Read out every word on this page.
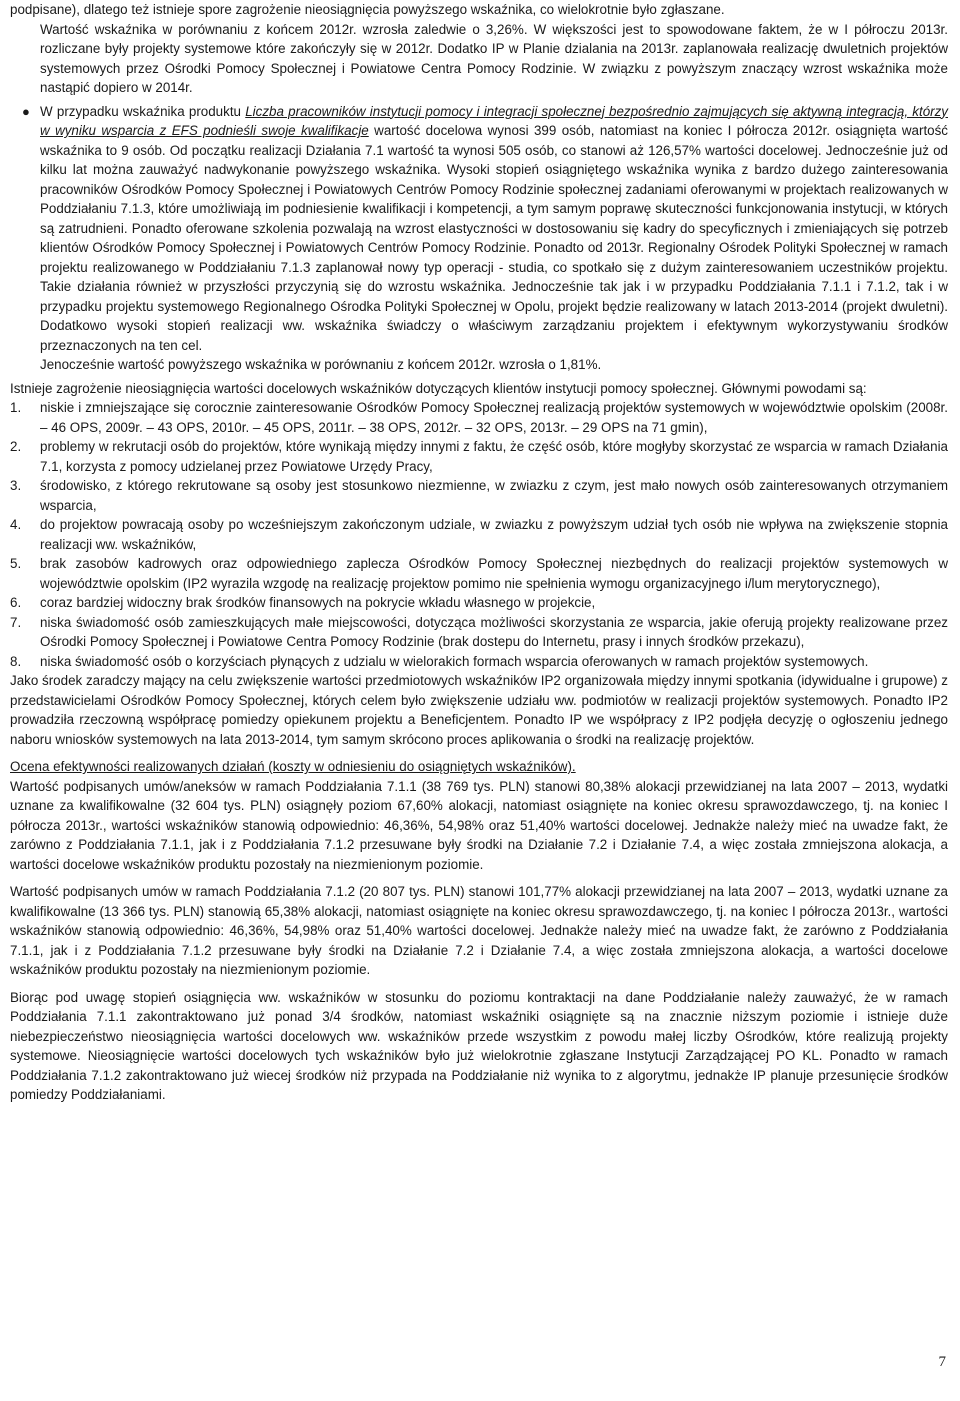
podpisane), dlatego też istnieje spore zagrożenie nieosiągnięcia powyższego wskaźnika, co wielokrotnie było zgłaszane.

Wartość wskaźnika w porównaniu z końcem 2012r. wzrosła zaledwie o 3,26%. W większości jest to spowodowane faktem, że w I półroczu 2013r. rozliczane były projekty systemowe które zakończyły się w 2012r. Dodatko IP w Planie dzialania na 2013r. zaplanowała realizację dwuletnich projektów systemowych przez Ośrodki Pomocy Społecznej i Powiatowe Centra Pomocy Rodzinie. W związku z powyższym znaczący wzrost wskaźnika może nastąpić dopiero w 2014r.

● W przypadku wskaźnika produktu Liczba pracowników instytucji pomocy i integracji społecznej bezpośrednio zajmujących się aktywną integracją, którzy w wyniku wsparcia z EFS podnieśli swoje kwalifikacje wartość docelowa wynosi 399 osób, natomiast na koniec I półrocza 2012r. osiągnięta wartość wskaźnika to 9 osób. Od początku realizacji Działania 7.1 wartość ta wynosi 505 osób, co stanowi aż 126,57% wartości docelowej. Jednocześnie już od kilku lat można zauważyć nadwykonanie powyższego wskaźnika. Wysoki stopień osiągniętego wskaźnika wynika z bardzo dużego zainteresowania pracowników Ośrodków Pomocy Społecznej i Powiatowych Centrów Pomocy Rodzinie społecznej zadaniami oferowanymi w projektach realizowanych w Poddziałaniu 7.1.3, które umożliwiają im podniesienie kwalifikacji i kompetencji, a tym samym poprawę skuteczności funkcjonowania instytucji, w których są zatrudnieni. Ponadto oferowane szkolenia pozwalają na wzrost elastyczności w dostosowaniu się kadry do specyficznych i zmieniających się potrzeb klientów Ośrodków Pomocy Społecznej i Powiatowych Centrów Pomocy Rodzinie. Ponadto od 2013r. Regionalny Ośrodek Polityki Społecznej w ramach projektu realizowanego w Poddziałaniu 7.1.3 zaplanował nowy typ operacji - studia, co spotkało się z dużym zainteresowaniem uczestników projektu. Takie działania również w przyszłości przyczynią się do wzrostu wskaźnika. Jednocześnie tak jak i w przypadku Poddziałania 7.1.1 i 7.1.2, tak i w przypadku projektu systemowego Regionalnego Ośrodka Polityki Społecznej w Opolu, projekt będzie realizowany w latach 2013-2014 (projekt dwuletni). Dodatkowo wysoki stopień realizacji ww. wskaźnika świadczy o właściwym zarządzaniu projektem i efektywnym wykorzystywaniu środków przeznaczonych na ten cel.

Jenocześnie wartość powyższego wskaźnika w porównaniu z końcem 2012r. wzrosła o 1,81%.

Istnieje zagrożenie nieosiągnięcia wartości docelowych wskaźników dotyczących klientów instytucji pomocy społecznej. Głównymi powodami są:

1. niskie i zmniejszające się corocznie zainteresowanie Ośrodków Pomocy Społecznej realizacją projektów systemowych w województwie opolskim (2008r. – 46 OPS, 2009r. – 43 OPS, 2010r. – 45 OPS, 2011r. – 38 OPS, 2012r. – 32 OPS, 2013r. – 29 OPS na 71 gmin),
2. problemy w rekrutacji osób do projektów, które wynikają między innymi z faktu, że część osób, które mogłyby skorzystać ze wsparcia w ramach Działania 7.1, korzysta z pomocy udzielanej przez Powiatowe Urzędy Pracy,
3. środowisko, z którego rekrutowane są osoby jest stosunkowo niezmienne, w zwiazku z czym, jest mało nowych osób zainteresowanych otrzymaniem wsparcia,
4. do projektow powracają osoby po wcześniejszym zakończonym udziale, w zwiazku z powyższym udział tych osób nie wpływa na zwiększenie stopnia realizacji ww. wskaźników,
5. brak zasobów kadrowych oraz odpowiedniego zaplecza Ośrodków Pomocy Społecznej niezbędnych do realizacji projektów systemowych w województwie opolskim (IP2 wyrazila wzgodę na realizację projektow pomimo nie spełnienia wymogu organizacyjnego i/lum merytorycznego),
6. coraz bardziej widoczny brak środków finansowych na pokrycie wkładu własnego w projekcie,
7. niska świadomość osób zamieszkujących małe miejscowości, dotycząca możliwości skorzystania ze wsparcia, jakie oferują projekty realizowane przez Ośrodki Pomocy Społecznej i Powiatowe Centra Pomocy Rodzinie (brak dostepu do Internetu, prasy i innych środków przekazu),
8. niska świadomość osób o korzyściach płynących z udzialu w wielorakich formach wsparcia oferowanych w ramach projektów systemowych.

Jako środek zaradczy mający na celu zwiększenie wartości przedmiotowych wskaźników IP2 organizowała między innymi spotkania (idywidualne i grupowe) z przedstawicielami Ośrodków Pomocy Społecznej, których celem było zwiększenie udziału ww. podmiotów w realizacji projektów systemowych. Ponadto IP2 prowadziła rzeczowną współpracę pomiedzy opiekunem projektu a Beneficjentem. Ponadto IP we współpracy z IP2 podjęła decyzję o ogłoszeniu jednego naboru wniosków systemowych na lata 2013-2014, tym samym skrócono proces aplikowania o środki na realizację projektów.

Ocena efektywności realizowanych działań (koszty w odniesieniu do osiągniętych wskaźników).

Wartość podpisanych umów/aneksów w ramach Poddziałania 7.1.1 (38 769 tys. PLN) stanowi 80,38% alokacji przewidzianej na lata 2007 – 2013, wydatki uznane za kwalifikowalne (32 604 tys. PLN) osiągnęły poziom 67,60% alokacji, natomiast osiągnięte na koniec okresu sprawozdawczego, tj. na koniec I półrocza 2013r., wartości wskaźników stanowią odpowiednio: 46,36%, 54,98% oraz 51,40% wartości docelowej. Jednakże należy mieć na uwadze fakt, że zarówno z Poddziałania 7.1.1, jak i z Poddziałania 7.1.2 przesuwane były środki na Działanie 7.2 i Działanie 7.4, a więc została zmniejszona alokacja, a wartości docelowe wskaźników produktu pozostały na niezmienionym poziomie.

Wartość podpisanych umów w ramach Poddziałania 7.1.2 (20 807 tys. PLN) stanowi 101,77% alokacji przewidzianej na lata 2007 – 2013, wydatki uznane za kwalifikowalne (13 366 tys. PLN) stanowią 65,38% alokacji, natomiast osiągnięte na koniec okresu sprawozdawczego, tj. na koniec I półrocza 2013r., wartości wskaźników stanowią odpowiednio: 46,36%, 54,98% oraz 51,40% wartości docelowej. Jednakże należy mieć na uwadze fakt, że zarówno z Poddziałania 7.1.1, jak i z Poddziałania 7.1.2 przesuwane były środki na Działanie 7.2 i Działanie 7.4, a więc została zmniejszona alokacja, a wartości docelowe wskaźników produktu pozostały na niezmienionym poziomie.

Biorąc pod uwagę stopień osiągnięcia ww. wskaźników w stosunku do poziomu kontraktacji na dane Poddziałanie należy zauważyć, że w ramach Poddziałania 7.1.1 zakontraktowano już ponad 3/4 środków, natomiast wskaźniki osiągnięte są na znacznie niższym poziomie i istnieje duże niebezpieczeństwo nieosiągnięcia wartości docelowych ww. wskaźników przede wszystkim z powodu małej liczby Ośrodków, które realizują projekty systemowe. Nieosiągnięcie wartości docelowych tych wskaźników było już wielokrotnie zgłaszane Instytucji Zarządzającej PO KL. Ponadto w ramach Poddziałania 7.1.2 zakontraktowano już wiecej środków niż przypada na Poddziałanie niż wynika to z algorytmu, jednakże IP planuje przesunięcie środków pomiedzy Poddziałaniami.

7
